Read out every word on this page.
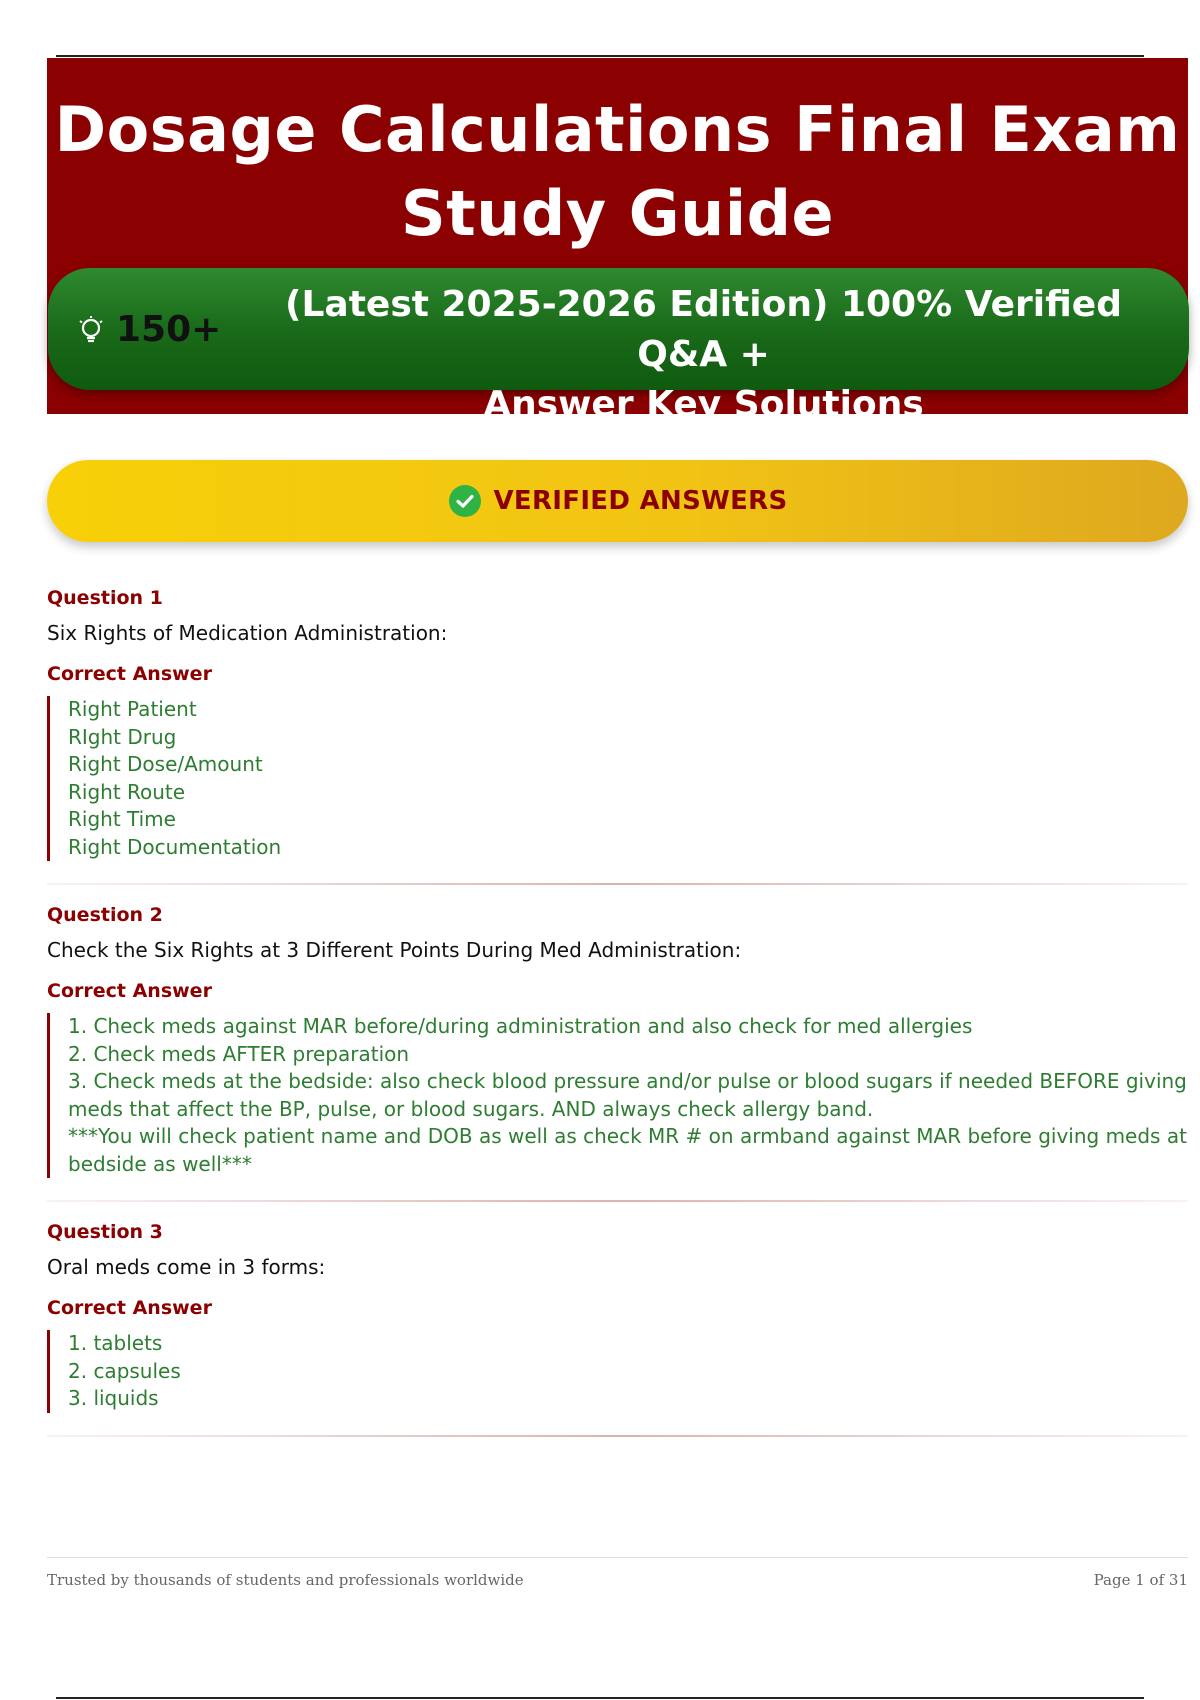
Dosage Calculations Final Exam
Study Guide
150+
(Latest 2025-2026 Edition) 100% Verified Q&A +
Answer Key Solutions
VERIFIED ANSWERS
Question 1
Six Rights of Medication Administration:
Correct Answer
Right Patient
RIght Drug
Right Dose/Amount
Right Route
Right Time
Right Documentation
Question 2
Check the Six Rights at 3 Different Points During Med Administration:
Correct Answer
1. Check meds against MAR before/during administration and also check for med allergies
2. Check meds AFTER preparation
3. Check meds at the bedside: also check blood pressure and/or pulse or blood sugars if needed BEFORE giving meds that affect the BP, pulse, or blood sugars. AND always check allergy band.
***You will check patient name and DOB as well as check MR # on armband against MAR before giving meds at bedside as well***
Question 3
Oral meds come in 3 forms:
Correct Answer
1. tablets
2. capsules
3. liquids
Trusted by thousands of students and professionals worldwide	Page 1 of 31
